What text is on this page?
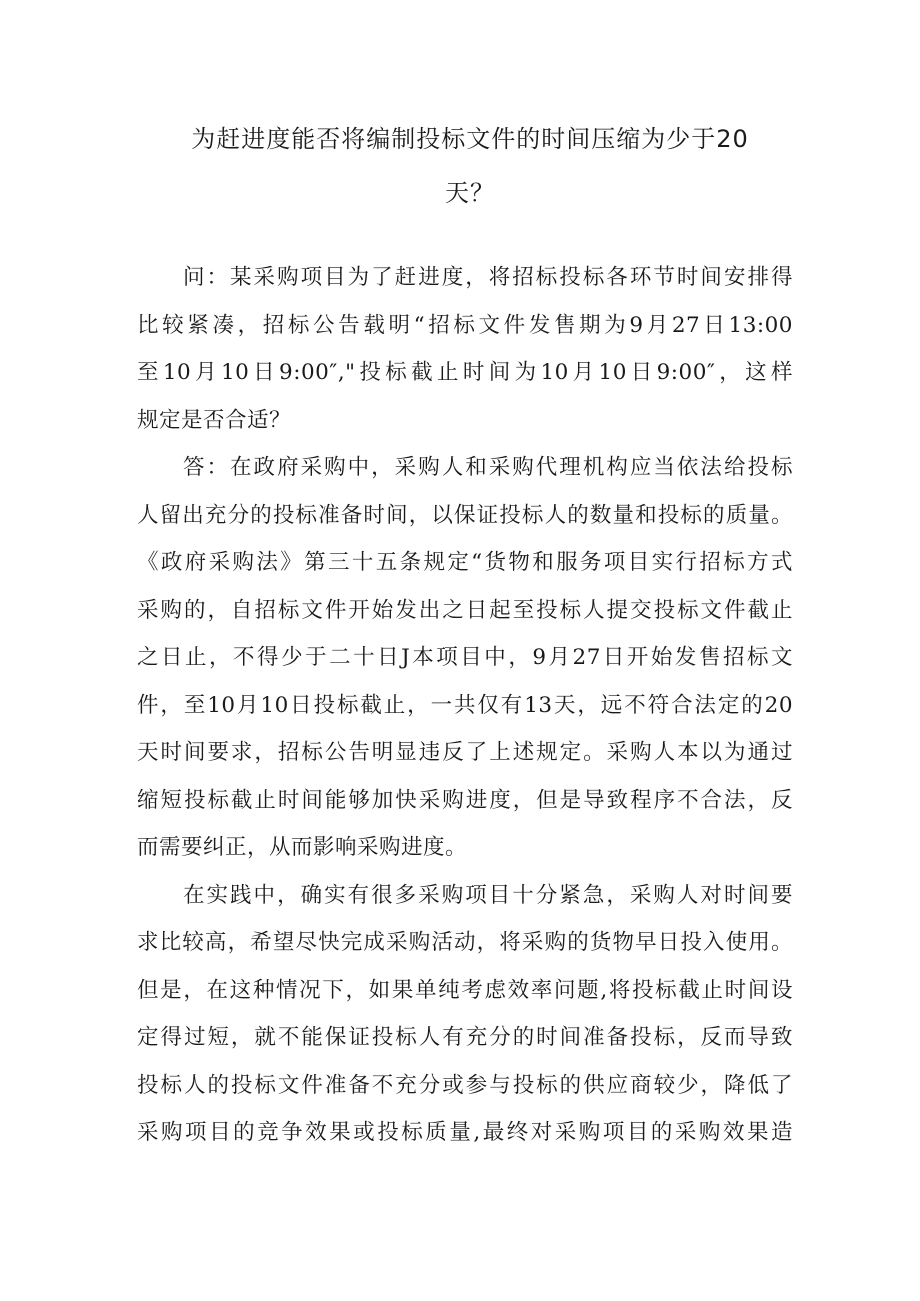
为赶进度能否将编制投标文件的时间压缩为少于20
天？
问：某采购项目为了赶进度，将招标投标各环节时间安排得
比较紧凑，招标公告载明“招标文件发售期为9月27日13:00
至10月10日9:00″,"投标截止时间为10月10日9:00″，这样
规定是否合适？
答：在政府采购中，采购人和采购代理机构应当依法给投标
人留出充分的投标准备时间，以保证投标人的数量和投标的质量。
《政府采购法》第三十五条规定“货物和服务项目实行招标方式
采购的，自招标文件开始发出之日起至投标人提交投标文件截止
之日止，不得少于二十日J本项目中，9月27日开始发售招标文
件，至10月10日投标截止，一共仅有13天，远不符合法定的20
天时间要求，招标公告明显违反了上述规定。采购人本以为通过
缩短投标截止时间能够加快采购进度，但是导致程序不合法，反
而需要纠正，从而影响采购进度。
在实践中，确实有很多采购项目十分紧急，采购人对时间要
求比较高，希望尽快完成采购活动，将采购的货物早日投入使用。
但是，在这种情况下，如果单纯考虑效率问题,将投标截止时间设
定得过短，就不能保证投标人有充分的时间准备投标，反而导致
投标人的投标文件准备不充分或参与投标的供应商较少，降低了
采购项目的竞争效果或投标质量,最终对采购项目的采购效果造
